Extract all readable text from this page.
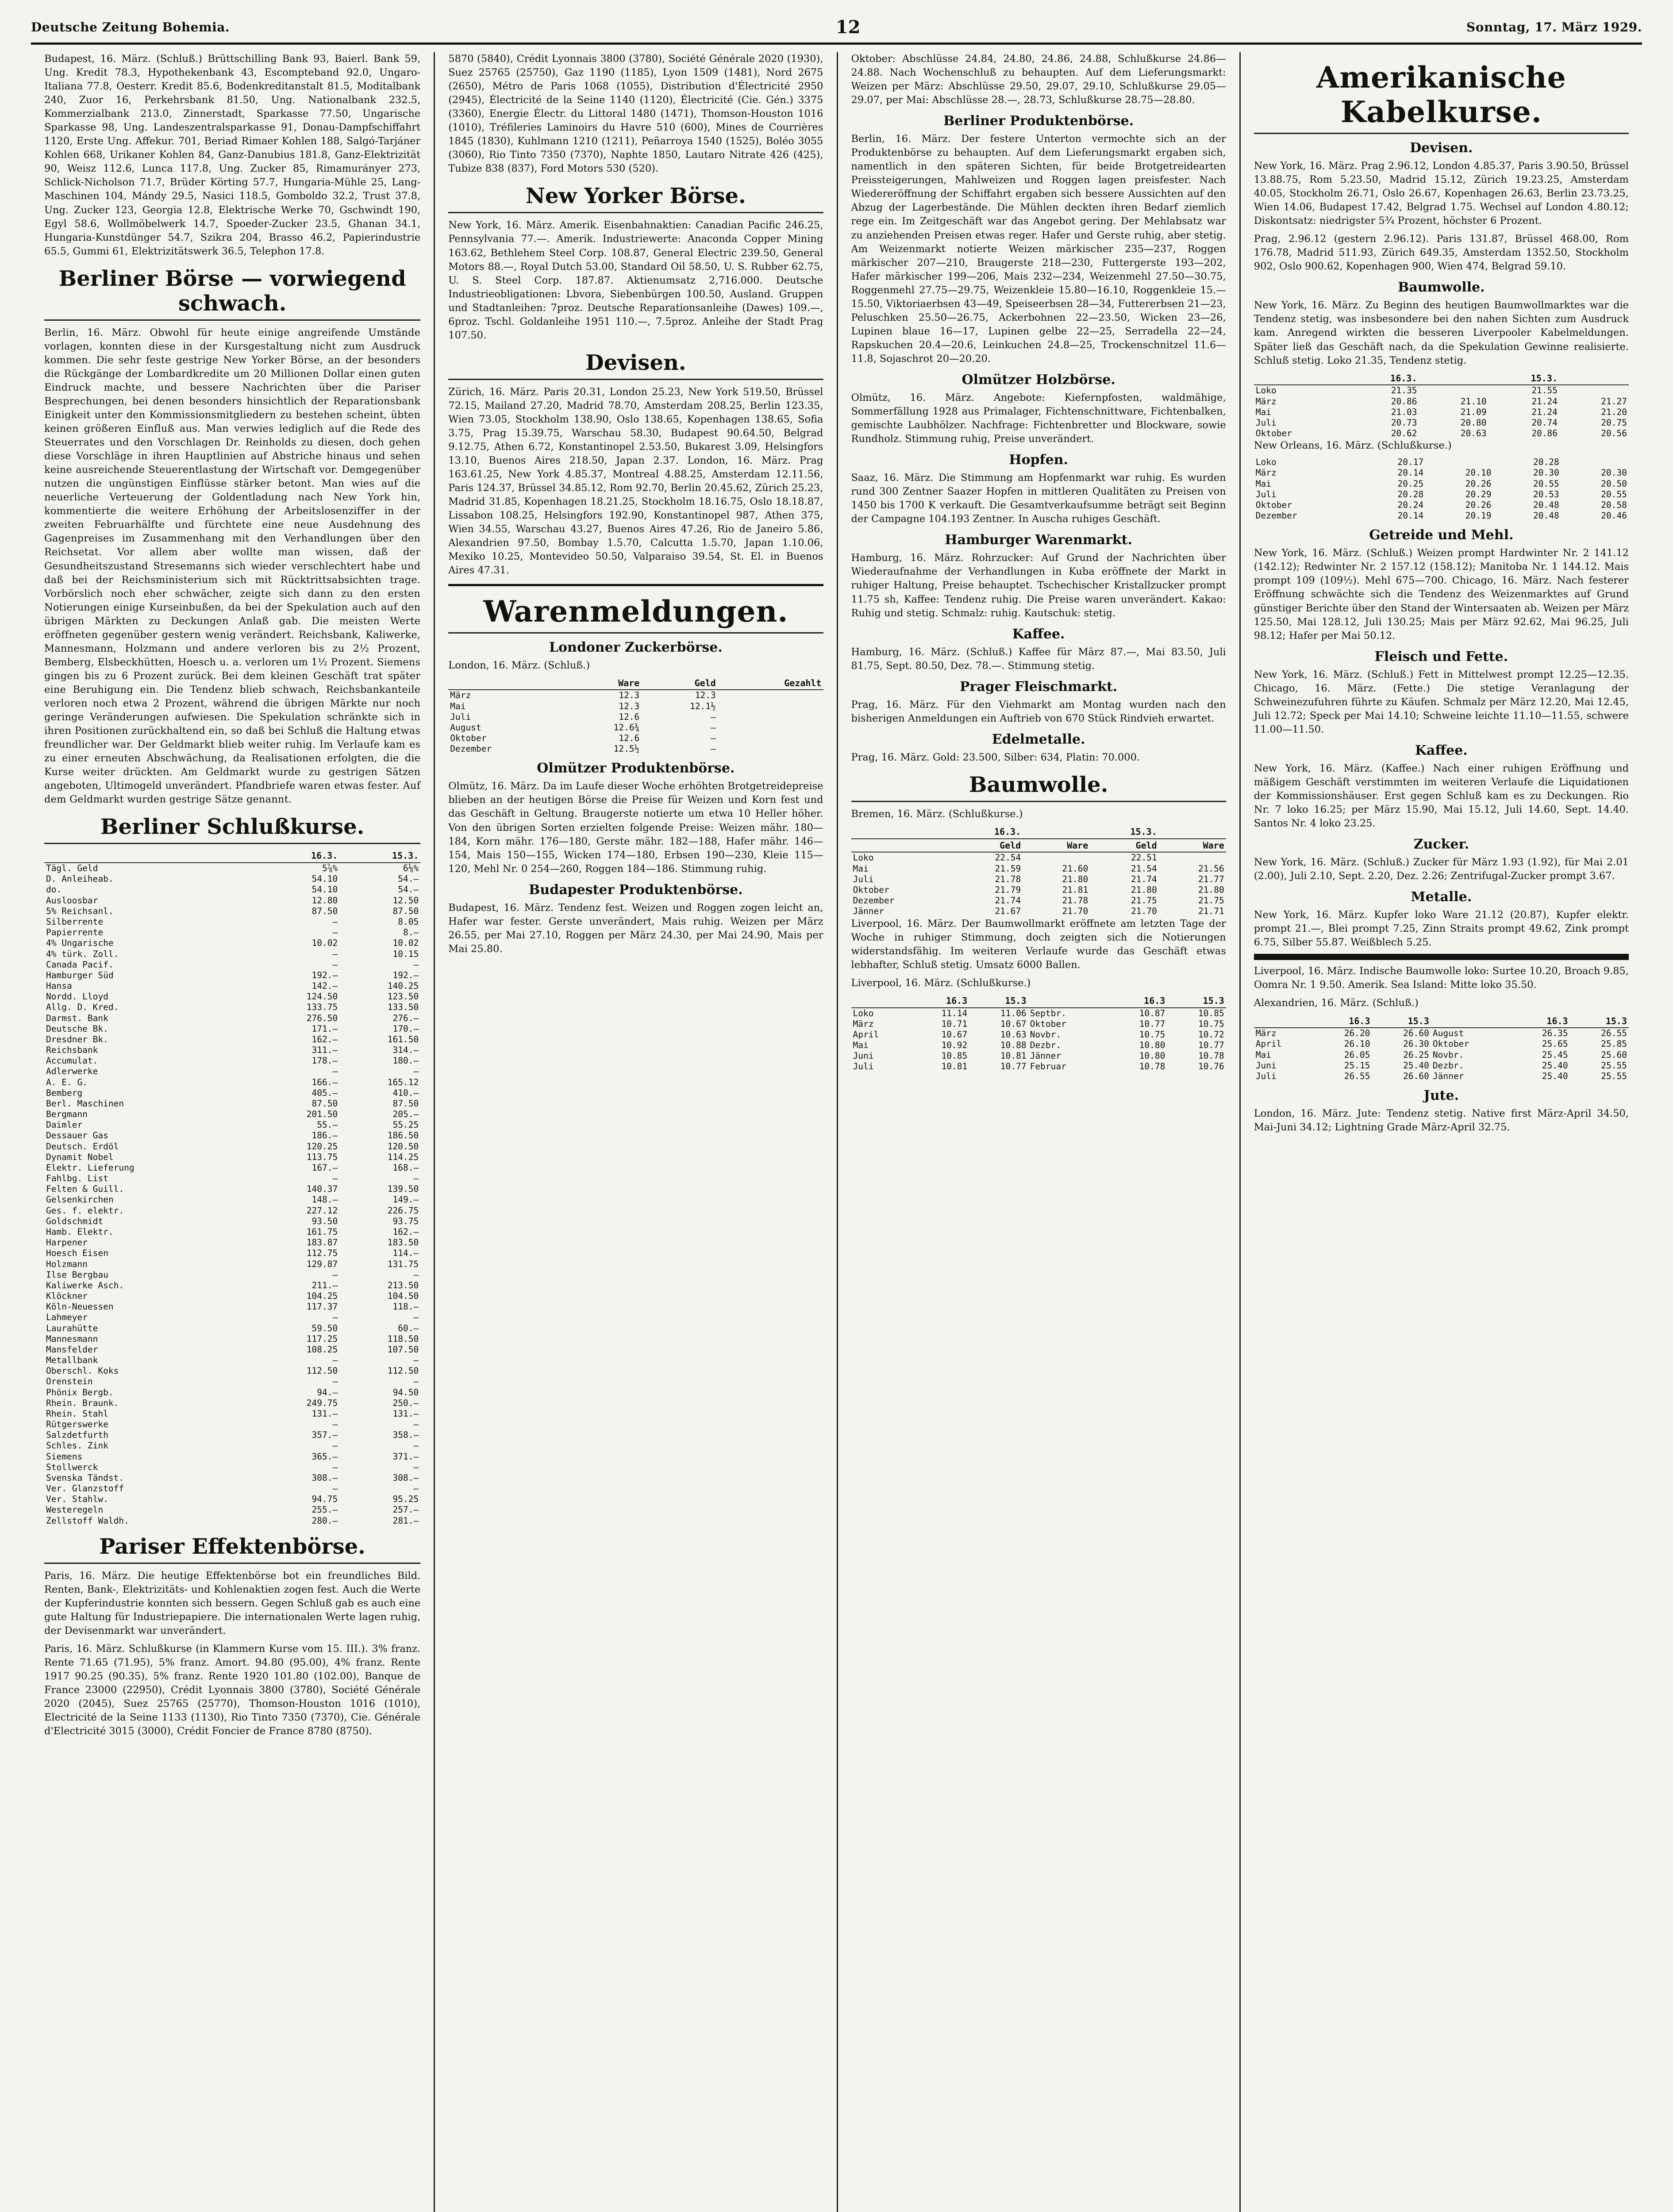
Deutsche Zeitung Bohemia.	12	Sonntag, 17. März 1929.

Budapest, 16. März. (Schluß.) Brüttschilling Bank 93, Baierl. Bank 59, Ung. Kredit 78.3, Hypothekenbank 43, Escompteband 92.0, Ungaro-Italiana 77.8, Oesterr. Kredit 85.6, Bodenkreditanstalt 81.5, Moditalbank 240, Zuor 16, Perkehrsbank 81.50, Ung. Nationalbank 232.5, Kommerzialbank 213.0, Zinnerstadt, Sparkasse 77.50, Ungarische Sparkasse 98, Ung. Landeszentralsparkasse 91, Donau-Dampfschiffahrt 1120, Erste Ung. Affekur. 701, Beriad Rimaer Kohlen 188, Salgó-Tarjáner Kohlen 668, Urikaner Kohlen 84, Ganz-Danubius 181.8, Ganz-Elektrizität 90, Weisz 112.6, Lunca 117.8, Ung. Zucker 85, Rimamurányer 273, Schlick-Nicholson 71.7, Brüder Körting 57.7, Hungaria-Mühle 25, Lang-Maschinen 104, Mándy 29.5, Nasici 118.5, Gomboldo 32.2, Trust 37.8, Ung. Zucker 123, Georgia 12.8, Elektrische Werke 70, Gschwindt 190, Egyl 58.6, Wollmöbelwerk 14.7, Spoeder-Zucker 23.5, Ghanan 34.1, Hungaria-Kunstdünger 54.7, Szikra 204, Brasso 46.2, Papierindustrie 65.5, Gummi 61, Elektrizitätswerk 36.5, Telephon 17.8.

Berliner Börse — vorwiegend schwach.

Berlin, 16. März. Obwohl für heute einige angreifende Umstände vorlagen, konnten diese in der Kursgestaltung nicht zum Ausdruck kommen. Die sehr feste gestrige New Yorker Börse, an der besonders die Rückgänge der Lombardkredite um 20 Millionen Dollar einen guten Eindruck machte, und bessere Nachrichten über die Pariser Besprechungen, bei denen besonders hinsichtlich der Reparationsbank Einigkeit unter den Kommissionsmitgliedern zu bestehen scheint, übten keinen größeren Einfluß aus. Man verwies lediglich auf die Rede des Steuerrates und den Vorschlagen Dr. Reinholds zu diesen, doch gehen diese Vorschläge in ihren Hauptlinien auf Abstriche hinaus und sehen keine ausreichende Steuerentlastung der Wirtschaft vor. Demgegenüber nutzen die ungünstigen Einflüsse stärker betont. Man wies auf die neuerliche Verteuerung der Goldentladung nach New York hin, kommentierte die weitere Erhöhung der Arbeitslosenziffer in der zweiten Februarhälfte und fürchtete eine neue Ausdehnung des Gagenpreises im Zusammenhang mit den Verhandlungen über den Reichsetat. Vor allem aber wollte man wissen, daß der Gesundheitszustand Stresemanns sich wieder verschlechtert habe und daß bei der Reichsministerium sich mit Rücktrittsabsichten trage. Vorbörslich noch eher schwächer, zeigte sich dann zu den ersten Notierungen einige Kurseinbußen, da bei der Spekulation auch auf den übrigen Märkten zu Deckungen Anlaß gab. Die meisten Werte eröffneten gegenüber gestern wenig verändert. Reichsbank, Kaliwerke, Mannesmann, Holzmann und andere verloren bis zu 2½ Prozent, Bemberg, Elsbeckhütten, Hoesch u. a. verloren um 1½ Prozent. Siemens gingen bis zu 6 Prozent zurück. Bei dem kleinen Geschäft trat später eine Beruhigung ein. Die Tendenz blieb schwach, Reichsbankanteile verloren noch etwa 2 Prozent, während die übrigen Märkte nur noch geringe Veränderungen aufwiesen. Die Spekulation schränkte sich in ihren Positionen zurückhaltend ein, so daß bei Schluß die Haltung etwas freundlicher war. Der Geldmarkt blieb weiter ruhig. Im Verlaufe kam es zu einer erneuten Abschwächung, da Realisationen erfolgten, die die Kurse weiter drückten. Am Geldmarkt wurde zu gestrigen Sätzen angeboten, Ultimogeld unverändert. Pfandbriefe waren etwas fester. Auf dem Geldmarkt wurden gestrige Sätze genannt.

Berliner Schlußkurse.
	16.3.	15.3.
Tägl. Geld	5⅞%	6⅛%
D. Anleiheab.	54.10	54.—
do.	54.10	54.—
Ausloosbar	12.80	12.50
5% Reichsanl.	87.50	87.50
Silberrente	—	8.05
Papierrente	—	8.—
4% Ungarische	10.02	10.02
4% türk. Zoll.	—	10.15
Canada Pacif.	—	—
Hamburger Süd	192.—	192.—
Hansa	142.—	140.25
Nordd. Lloyd	124.50	123.50
Allg. D. Kred.	133.75	133.50
Darmst. Bank	276.50	276.—
Deutsche Bk.	171.—	170.—
Dresdner Bk.	162.—	161.50
Reichsbank	311.—	314.—
Accumulat.	178.—	180.—
Adlerwerke	—	—
A. E. G.	166.—	165.12
Bemberg	405.—	410.—
Berl. Maschinen	87.50	87.50
Bergmann	201.50	205.—
Daimler	55.—	55.25
Dessauer Gas	186.—	186.50
Deutsch. Erdöl	120.25	120.50
Dynamit Nobel	113.75	114.25
Elektr. Lieferung	167.—	168.—
Fahlbg. List	—	—
Felten & Guill.	140.37	139.50
Gelsenkirchen	148.—	149.—
Ges. f. elektr.	227.12	226.75
Goldschmidt	93.50	93.75
Hamb. Elektr.	161.75	162.—
Harpener	183.87	183.50
Hoesch Eisen	112.75	114.—
Holzmann	129.87	131.75
Ilse Bergbau	—	—
Kaliwerke Asch.	211.—	213.50
Klöckner	104.25	104.50
Köln-Neuessen	117.37	118.—
Lahmeyer	—	—
Laurahütte	59.50	60.—
Mannesmann	117.25	118.50
Mansfelder	108.25	107.50
Metallbank	—	—
Oberschl. Koks	112.50	112.50
Orenstein	—	—
Phönix Bergb.	94.—	94.50
Rhein. Braunk.	249.75	250.—
Rhein. Stahl	131.—	131.—
Rütgerswerke	—	—
Salzdetfurth	357.—	358.—
Schles. Zink	—	—
Siemens	365.—	371.—
Stollwerck	—	—
Svenska Tändst.	308.—	308.—
Ver. Glanzstoff	—	—
Ver. Stahlw.	94.75	95.25
Westeregeln	255.—	257.—
Zellstoff Waldh.	280.—	281.—
Pariser Effektenbörse.

Paris, 16. März. Die heutige Effektenbörse bot ein freundliches Bild. Renten, Bank-, Elektrizitäts- und Kohlenaktien zogen fest. Auch die Werte der Kupferindustrie konnten sich bessern. Gegen Schluß gab es auch eine gute Haltung für Industriepapiere. Die internationalen Werte lagen ruhig, der Devisenmarkt war unverändert.

Paris, 16. März. Schlußkurse (in Klammern Kurse vom 15. III.). 3% franz. Rente 71.65 (71.95), 5% franz. Amort. 94.80 (95.00), 4% franz. Rente 1917 90.25 (90.35), 5% franz. Rente 1920 101.80 (102.00), Banque de France 23000 (22950), Crédit Lyonnais 3800 (3780), Société Générale 2020 (2045), Suez 25765 (25770), Thomson-Houston 1016 (1010), Electricité de la Seine 1133 (1130), Rio Tinto 7350 (7370), Cie. Générale d'Electricité 3015 (3000), Crédit Foncier de France 8780 (8750).

5870 (5840), Crédit Lyonnais 3800 (3780), Société Générale 2020 (1930), Suez 25765 (25750), Gaz 1190 (1185), Lyon 1509 (1481), Nord 2675 (2650), Métro de Paris 1068 (1055), Distribution d'Électricité 2950 (2945), Électricité de la Seine 1140 (1120), Électricité (Cie. Gén.) 3375 (3360), Energie Électr. du Littoral 1480 (1471), Thomson-Houston 1016 (1010), Tréfileries Laminoirs du Havre 510 (600), Mines de Courrières 1845 (1830), Kuhlmann 1210 (1211), Peñarroya 1540 (1525), Boléo 3055 (3060), Rio Tinto 7350 (7370), Naphte 1850, Lautaro Nitrate 426 (425), Tubize 838 (837), Ford Motors 530 (520).

New Yorker Börse.

New York, 16. März. Amerik. Eisenbahnaktien: Canadian Pacific 246.25, Pennsylvania 77.—. Amerik. Industriewerte: Anaconda Copper Mining 163.62, Bethlehem Steel Corp. 108.87, General Electric 239.50, General Motors 88.—, Royal Dutch 53.00, Standard Oil 58.50, U. S. Rubber 62.75, U. S. Steel Corp. 187.87. Aktienumsatz 2,716.000. Deutsche Industrieobligationen: Lbvora, Siebenbürgen 100.50, Ausland. Gruppen und Stadtanleihen: 7proz. Deutsche Reparationsanleihe (Dawes) 109.—, 6proz. Tschl. Goldanleihe 1951 110.—, 7.5proz. Anleihe der Stadt Prag 107.50.

Devisen.

Zürich, 16. März. Paris 20.31, London 25.23, New York 519.50, Brüssel 72.15, Mailand 27.20, Madrid 78.70, Amsterdam 208.25, Berlin 123.35, Wien 73.05, Stockholm 138.90, Oslo 138.65, Kopenhagen 138.65, Sofia 3.75, Prag 15.39.75, Warschau 58.30, Budapest 90.64.50, Belgrad 9.12.75, Athen 6.72, Konstantinopel 2.53.50, Bukarest 3.09, Helsingfors 13.10, Buenos Aires 218.50, Japan 2.37. London, 16. März. Prag 163.61.25, New York 4.85.37, Montreal 4.88.25, Amsterdam 12.11.56, Paris 124.37, Brüssel 34.85.12, Rom 92.70, Berlin 20.45.62, Zürich 25.23, Madrid 31.85, Kopenhagen 18.21.25, Stockholm 18.16.75, Oslo 18.18.87, Lissabon 108.25, Helsingfors 192.90, Konstantinopel 987, Athen 375, Wien 34.55, Warschau 43.27, Buenos Aires 47.26, Rio de Janeiro 5.86, Alexandrien 97.50, Bombay 1.5.70, Calcutta 1.5.70, Japan 1.10.06, Mexiko 10.25, Montevideo 50.50, Valparaiso 39.54, St. El. in Buenos Aires 47.31.

Warenmeldungen.
Londoner Zuckerbörse.

London, 16. März. (Schluß.)

	Ware	Geld	Gezahlt
März	12.3	12.3	
Mai	12.3	12.1½	
Juli	12.6	—	
August	12.6¾	—	
Oktober	12.6	—	
Dezember	12.5½	—	
Olmützer Produktenbörse.

Olmütz, 16. März. Da im Laufe dieser Woche erhöhten Brotgetreidepreise blieben an der heutigen Börse die Preise für Weizen und Korn fest und das Geschäft in Geltung. Braugerste notierte um etwa 10 Heller höher. Von den übrigen Sorten erzielten folgende Preise: Weizen mähr. 180—184, Korn mähr. 176—180, Gerste mähr. 182—188, Hafer mähr. 146—154, Mais 150—155, Wicken 174—180, Erbsen 190—230, Kleie 115—120, Mehl Nr. 0 254—260, Roggen 184—186. Stimmung ruhig.

Budapester Produktenbörse.

Budapest, 16. März. Tendenz fest. Weizen und Roggen zogen leicht an, Hafer war fester. Gerste unverändert, Mais ruhig. Weizen per März 26.55, per Mai 27.10, Roggen per März 24.30, per Mai 24.90, Mais per Mai 25.80.

Oktober: Abschlüsse 24.84, 24.80, 24.86, 24.88, Schlußkurse 24.86—24.88. Nach Wochenschluß zu behaupten. Auf dem Lieferungsmarkt: Weizen per März: Abschlüsse 29.50, 29.07, 29.10, Schlußkurse 29.05—29.07, per Mai: Abschlüsse 28.—, 28.73, Schlußkurse 28.75—28.80.

Berliner Produktenbörse.

Berlin, 16. März. Der festere Unterton vermochte sich an der Produktenbörse zu behaupten. Auf dem Lieferungsmarkt ergaben sich, namentlich in den späteren Sichten, für beide Brotgetreidearten Preissteigerungen, Mahlweizen und Roggen lagen preisfester. Nach Wiedereröffnung der Schiffahrt ergaben sich bessere Aussichten auf den Abzug der Lagerbestände. Die Mühlen deckten ihren Bedarf ziemlich rege ein. Im Zeitgeschäft war das Angebot gering. Der Mehlabsatz war zu anziehenden Preisen etwas reger. Hafer und Gerste ruhig, aber stetig. Am Weizenmarkt notierte Weizen märkischer 235—237, Roggen märkischer 207—210, Braugerste 218—230, Futtergerste 193—202, Hafer märkischer 199—206, Mais 232—234, Weizenmehl 27.50—30.75, Roggenmehl 27.75—29.75, Weizenkleie 15.80—16.10, Roggenkleie 15.—15.50, Viktoriaerbsen 43—49, Speiseerbsen 28—34, Futtererbsen 21—23, Peluschken 25.50—26.75, Ackerbohnen 22—23.50, Wicken 23—26, Lupinen blaue 16—17, Lupinen gelbe 22—25, Serradella 22—24, Rapskuchen 20.4—20.6, Leinkuchen 24.8—25, Trockenschnitzel 11.6—11.8, Sojaschrot 20—20.20.

Olmützer Holzbörse.

Olmütz, 16. März. Angebote: Kiefernpfosten, waldmähige, Sommerfällung 1928 aus Primalager, Fichtenschnittware, Fichtenbalken, gemischte Laubhölzer. Nachfrage: Fichtenbretter und Blockware, sowie Rundholz. Stimmung ruhig, Preise unverändert.

Hopfen.

Saaz, 16. März. Die Stimmung am Hopfenmarkt war ruhig. Es wurden rund 300 Zentner Saazer Hopfen in mittleren Qualitäten zu Preisen von 1450 bis 1700 K verkauft. Die Gesamtverkaufsumme beträgt seit Beginn der Campagne 104.193 Zentner. In Auscha ruhiges Geschäft.

Hamburger Warenmarkt.

Hamburg, 16. März. Rohrzucker: Auf Grund der Nachrichten über Wiederaufnahme der Verhandlungen in Kuba eröffnete der Markt in ruhiger Haltung, Preise behauptet. Tschechischer Kristallzucker prompt 11.75 sh, Kaffee: Tendenz ruhig. Die Preise waren unverändert. Kakao: Ruhig und stetig. Schmalz: ruhig. Kautschuk: stetig.

Kaffee.

Hamburg, 16. März. (Schluß.) Kaffee für März 87.—, Mai 83.50, Juli 81.75, Sept. 80.50, Dez. 78.—. Stimmung stetig.

Prager Fleischmarkt.

Prag, 16. März. Für den Viehmarkt am Montag wurden nach den bisherigen Anmeldungen ein Auftrieb von 670 Stück Rindvieh erwartet.

Edelmetalle.

Prag, 16. März. Gold: 23.500, Silber: 634, Platin: 70.000.

Baumwolle.

Bremen, 16. März. (Schlußkurse.)

	16.3.		15.3.	
	Geld	Ware	Geld	Ware
Loko	22.54		22.51	
Mai	21.59	21.60	21.54	21.56
Juli	21.78	21.80	21.74	21.77
Oktober	21.79	21.81	21.80	21.80
Dezember	21.74	21.78	21.75	21.75
Jänner	21.67	21.70	21.70	21.71

Liverpool, 16. März. Der Baumwollmarkt eröffnete am letzten Tage der Woche in ruhiger Stimmung, doch zeigten sich die Notierungen widerstandsfähig. Im weiteren Verlaufe wurde das Geschäft etwas lebhafter, Schluß stetig. Umsatz 6000 Ballen.

Liverpool, 16. März. (Schlußkurse.)

	16.3	15.3		16.3	15.3
Loko	11.14	11.06	Septbr.	10.87	10.85
März	10.71	10.67	Oktober	10.77	10.75
April	10.67	10.63	Novbr.	10.75	10.72
Mai	10.92	10.88	Dezbr.	10.80	10.77
Juni	10.85	10.81	Jänner	10.80	10.78
Juli	10.81	10.77	Februar	10.78	10.76
Amerikanische Kabelkurse.
Devisen.

New York, 16. März. Prag 2.96.12, London 4.85.37, Paris 3.90.50, Brüssel 13.88.75, Rom 5.23.50, Madrid 15.12, Zürich 19.23.25, Amsterdam 40.05, Stockholm 26.71, Oslo 26.67, Kopenhagen 26.63, Berlin 23.73.25, Wien 14.06, Budapest 17.42, Belgrad 1.75. Wechsel auf London 4.80.12; Diskontsatz: niedrigster 5¾ Prozent, höchster 6 Prozent.

Prag, 2.96.12 (gestern 2.96.12). Paris 131.87, Brüssel 468.00, Rom 176.78, Madrid 511.93, Zürich 649.35, Amsterdam 1352.50, Stockholm 902, Oslo 900.62, Kopenhagen 900, Wien 474, Belgrad 59.10.

Baumwolle.

New York, 16. März. Zu Beginn des heutigen Baumwollmarktes war die Tendenz stetig, was insbesondere bei den nahen Sichten zum Ausdruck kam. Anregend wirkten die besseren Liverpooler Kabelmeldungen. Später ließ das Geschäft nach, da die Spekulation Gewinne realisierte. Schluß stetig. Loko 21.35, Tendenz stetig.

	16.3.		15.3.	
Loko	21.35		21.55	
März	20.86	21.10	21.24	21.27
Mai	21.03	21.09	21.24	21.20
Juli	20.73	20.80	20.74	20.75
Oktober	20.62	20.63	20.86	20.56

New Orleans, 16. März. (Schlußkurse.)

Loko	20.17		20.28	
März	20.14	20.10	20.30	20.30
Mai	20.25	20.26	20.55	20.50
Juli	20.28	20.29	20.53	20.55
Oktober	20.24	20.26	20.48	20.58
Dezember	20.14	20.19	20.48	20.46
Getreide und Mehl.

New York, 16. März. (Schluß.) Weizen prompt Hardwinter Nr. 2 141.12 (142.12); Redwinter Nr. 2 157.12 (158.12); Manitoba Nr. 1 144.12. Mais prompt 109 (109½). Mehl 675—700. Chicago, 16. März. Nach festerer Eröffnung schwächte sich die Tendenz des Weizenmarktes auf Grund günstiger Berichte über den Stand der Wintersaaten ab. Weizen per März 125.50, Mai 128.12, Juli 130.25; Mais per März 92.62, Mai 96.25, Juli 98.12; Hafer per Mai 50.12.

Fleisch und Fette.

New York, 16. März. (Schluß.) Fett in Mittelwest prompt 12.25—12.35. Chicago, 16. März. (Fette.) Die stetige Veranlagung der Schweinezufuhren führte zu Käufen. Schmalz per März 12.20, Mai 12.45, Juli 12.72; Speck per Mai 14.10; Schweine leichte 11.10—11.55, schwere 11.00—11.50.

Kaffee.

New York, 16. März. (Kaffee.) Nach einer ruhigen Eröffnung und mäßigem Geschäft verstimmten im weiteren Verlaufe die Liquidationen der Kommissionshäuser. Erst gegen Schluß kam es zu Deckungen. Rio Nr. 7 loko 16.25; per März 15.90, Mai 15.12, Juli 14.60, Sept. 14.40. Santos Nr. 4 loko 23.25.

Zucker.

New York, 16. März. (Schluß.) Zucker für März 1.93 (1.92), für Mai 2.01 (2.00), Juli 2.10, Sept. 2.20, Dez. 2.26; Zentrifugal-Zucker prompt 3.67.

Metalle.

New York, 16. März. Kupfer loko Ware 21.12 (20.87), Kupfer elektr. prompt 21.—, Blei prompt 7.25, Zinn Straits prompt 49.62, Zink prompt 6.75, Silber 55.87. Weißblech 5.25.

Liverpool, 16. März. Indische Baumwolle loko: Surtee 10.20, Broach 9.85, Oomra Nr. 1 9.50. Amerik. Sea Island: Mitte loko 35.50.

Alexandrien, 16. März. (Schluß.)

	16.3	15.3		16.3	15.3
März	26.20	26.60	August	26.35	26.55
April	26.10	26.30	Oktober	25.65	25.85
Mai	26.05	26.25	Novbr.	25.45	25.60
Juni	25.15	25.40	Dezbr.	25.40	25.55
Juli	26.55	26.60	Jänner	25.40	25.55
Jute.

London, 16. März. Jute: Tendenz stetig. Native first März-April 34.50, Mai-Juni 34.12; Lightning Grade März-April 32.75.
